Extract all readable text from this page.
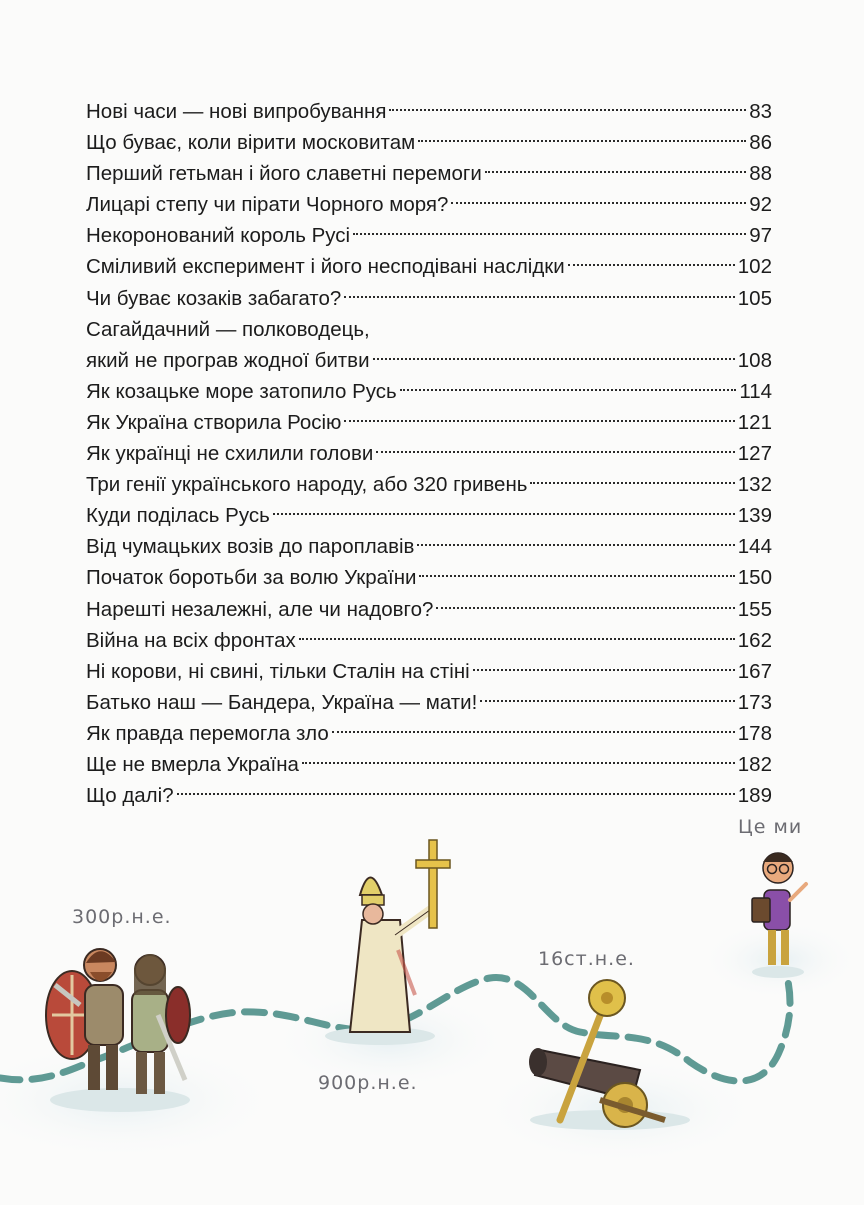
Нові часи — нові випробування	83
Що буває, коли вірити московитам	86
Перший гетьман і його славетні перемоги	88
Лицарі степу чи пірати Чорного моря?	92
Некоронований король Русі	97
Сміливий експеримент і його несподівані наслідки	102
Чи буває козаків забагато?	105
Сагайдачний — полководець,
який не програв жодної битви	108
Як козацьке море затопило Русь	114
Як Україна створила Росію	121
Як українці не схилили голови	127
Три генії українського народу, або 320 гривень	132
Куди поділась Русь	139
Від чумацьких возів до пароплавів	144
Початок боротьби за волю України	150
Нарешті незалежні, але чи надовго?	155
Війна на всіх фронтах	162
Ні корови, ні свині, тільки Сталін на стіні	167
Батько наш — Бандера, Україна — мати!	173
Як правда перемогла зло	178
Ще не вмерла Україна	182
Що далі?	189
300р.н.е.
900р.н.е.
16ст.н.е.
Це ми
